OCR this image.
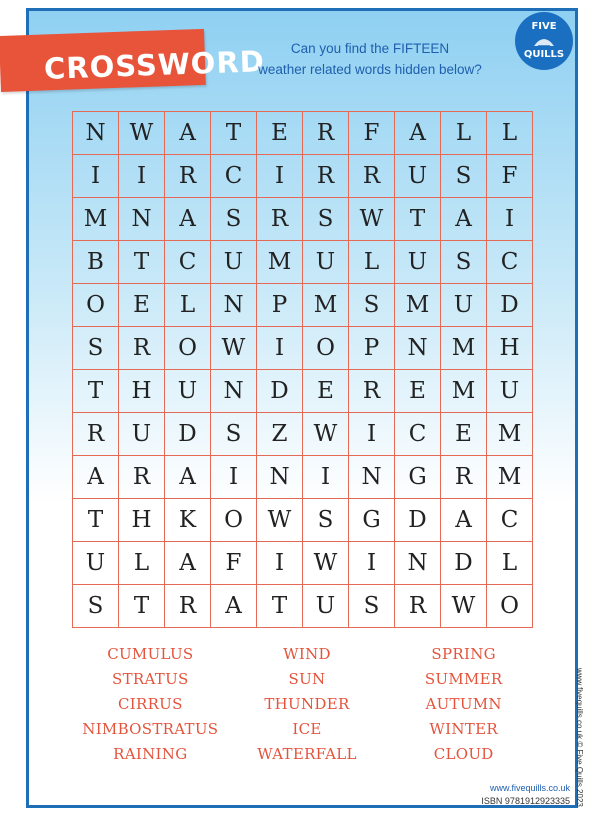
CROSSWORD	Can you find the FIFTEEN
weather related words hidden below?
FIVE
QUILLS
N	W	A	T	E	R	F	A	L	L
I	I	R	C	I	R	R	U	S	F
M	N	A	S	R	S	W	T	A	I
B	T	C	U	M	U	L	U	S	C
O	E	L	N	P	M	S	M	U	D
S	R	O	W	I	O	P	N	M	H
T	H	U	N	D	E	R	E	M	U
R	U	D	S	Z	W	I	C	E	M
A	R	A	I	N	I	N	G	R	M
T	H	K	O	W	S	G	D	A	C
U	L	A	F	I	W	I	N	D	L
S	T	R	A	T	U	S	R	W	O
CUMULUS	WIND	SPRING
STRATUS	SUN	SUMMER
CIRRUS	THUNDER	AUTUMN
NIMBOSTRATUS	ICE	WINTER
RAINING	WATERFALL	CLOUD
www.fivequills.co.uk
ISBN 9781912923335 www.fivequills.co.uk © Five Quills 2023
